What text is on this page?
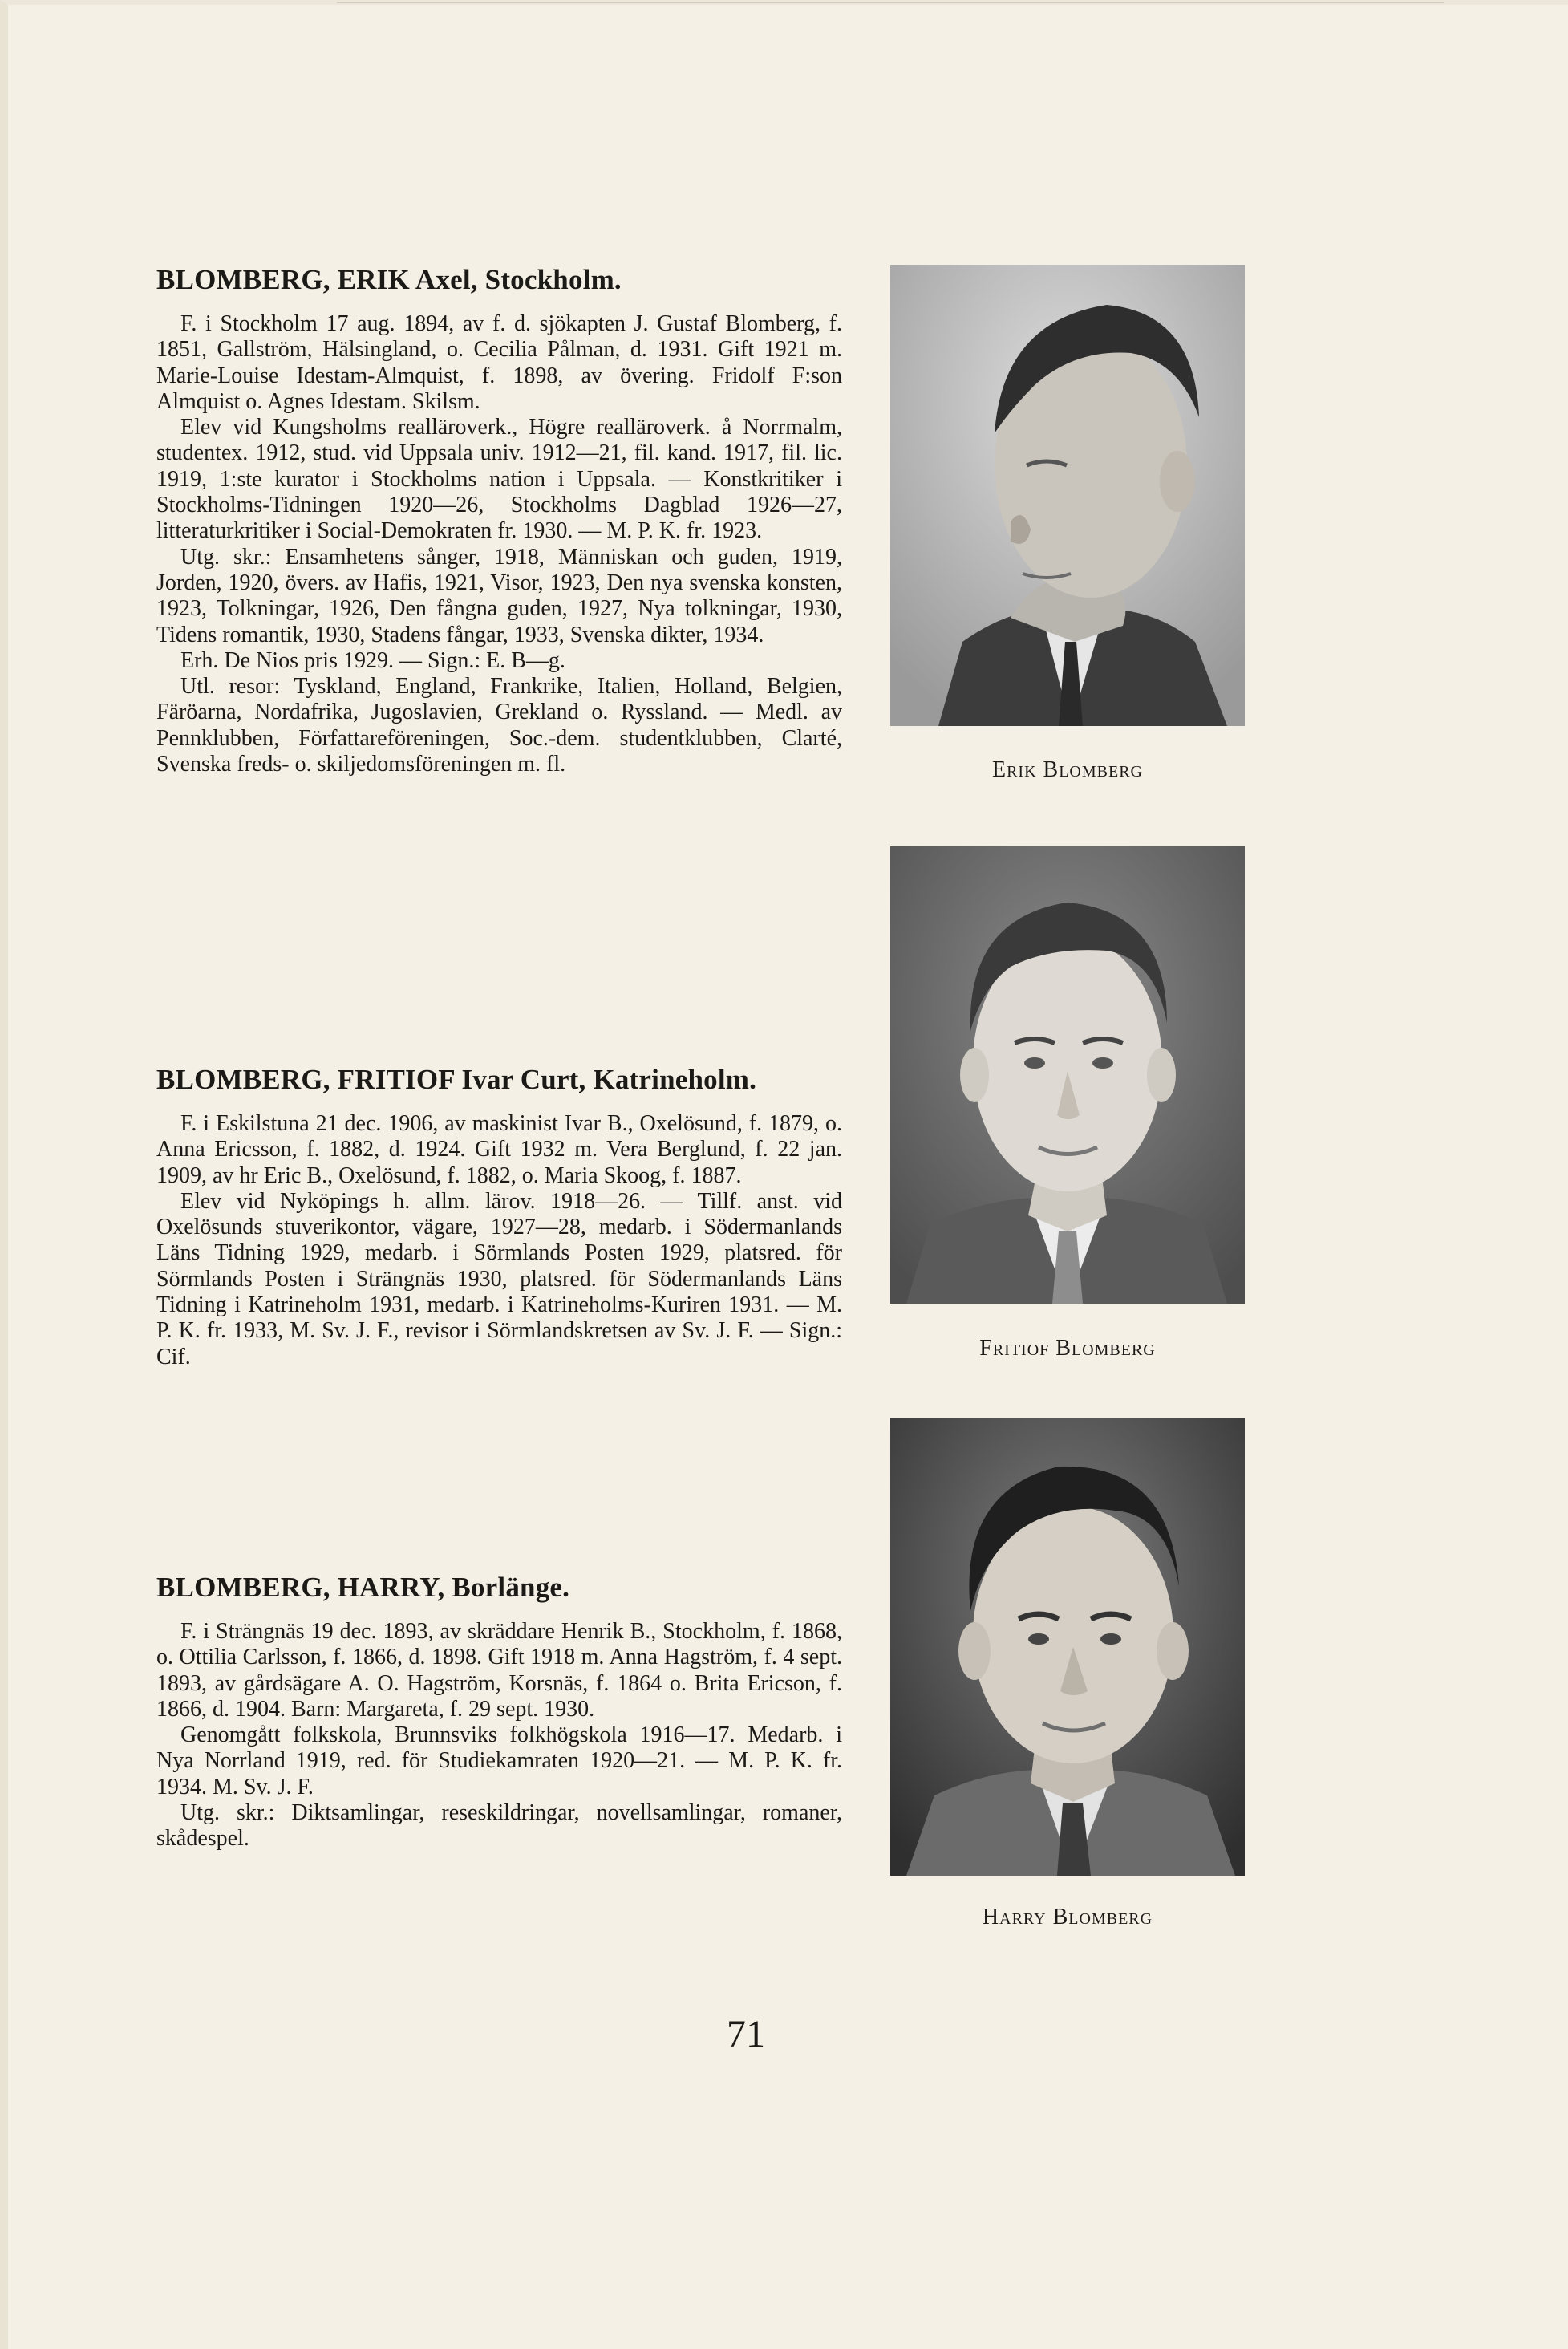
BLOMBERG, ERIK Axel, Stockholm.

F. i Stockholm 17 aug. 1894, av f. d. sjökapten J. Gustaf Blomberg, f. 1851, Gallström, Hälsingland, o. Cecilia Pålman, d. 1931. Gift 1921 m. Marie-Louise Idestam-Almquist, f. 1898, av övering. Fridolf F:son Almquist o. Agnes Idestam. Skilsm.

Elev vid Kungsholms realläroverk., Högre realläroverk. å Norrmalm, studentex. 1912, stud. vid Uppsala univ. 1912—21, fil. kand. 1917, fil. lic. 1919, 1:ste kurator i Stockholms nation i Uppsala. — Konstkritiker i Stockholms-Tidningen 1920—26, Stockholms Dagblad 1926—27, litteraturkritiker i Social-Demokraten fr. 1930. — M. P. K. fr. 1923.

Utg. skr.: Ensamhetens sånger, 1918, Människan och guden, 1919, Jorden, 1920, övers. av Hafis, 1921, Visor, 1923, Den nya svenska konsten, 1923, Tolkningar, 1926, Den fångna guden, 1927, Nya tolkningar, 1930, Tidens romantik, 1930, Stadens fångar, 1933, Svenska dikter, 1934.

Erh. De Nios pris 1929. — Sign.: E. B—g.

Utl. resor: Tyskland, England, Frankrike, Italien, Holland, Belgien, Färöarna, Nordafrika, Jugoslavien, Grekland o. Ryssland. — Medl. av Pennklubben, Författareföreningen, Soc.-dem. studentklubben, Clarté, Svenska freds- o. skiljedomsföreningen m. fl.

BLOMBERG, FRITIOF Ivar Curt, Katrineholm.

F. i Eskilstuna 21 dec. 1906, av maskinist Ivar B., Oxelösund, f. 1879, o. Anna Ericsson, f. 1882, d. 1924. Gift 1932 m. Vera Berglund, f. 22 jan. 1909, av hr Eric B., Oxelösund, f. 1882, o. Maria Skoog, f. 1887.

Elev vid Nyköpings h. allm. lärov. 1918—26. — Tillf. anst. vid Oxelösunds stuverikontor, vägare, 1927—28, medarb. i Södermanlands Läns Tidning 1929, medarb. i Sörmlands Posten 1929, platsred. för Sörmlands Posten i Strängnäs 1930, platsred. för Södermanlands Läns Tidning i Katrineholm 1931, medarb. i Katrineholms-Kuriren 1931. — M. P. K. fr. 1933, M. Sv. J. F., revisor i Sörmlandskretsen av Sv. J. F. — Sign.: Cif.

BLOMBERG, HARRY, Borlänge.

F. i Strängnäs 19 dec. 1893, av skräddare Henrik B., Stockholm, f. 1868, o. Ottilia Carlsson, f. 1866, d. 1898. Gift 1918 m. Anna Hagström, f. 4 sept. 1893, av gårdsägare A. O. Hagström, Korsnäs, f. 1864 o. Brita Ericson, f. 1866, d. 1904. Barn: Margareta, f. 29 sept. 1930.

Genomgått folkskola, Brunnsviks folkhögskola 1916—17. Medarb. i Nya Norrland 1919, red. för Studiekamraten 1920—21. — M. P. K. fr. 1934. M. Sv. J. F.

Utg. skr.: Diktsamlingar, reseskildringar, novellsamlingar, romaner, skådespel.

Erik Blomberg
Fritiof Blomberg
Harry Blomberg
71
